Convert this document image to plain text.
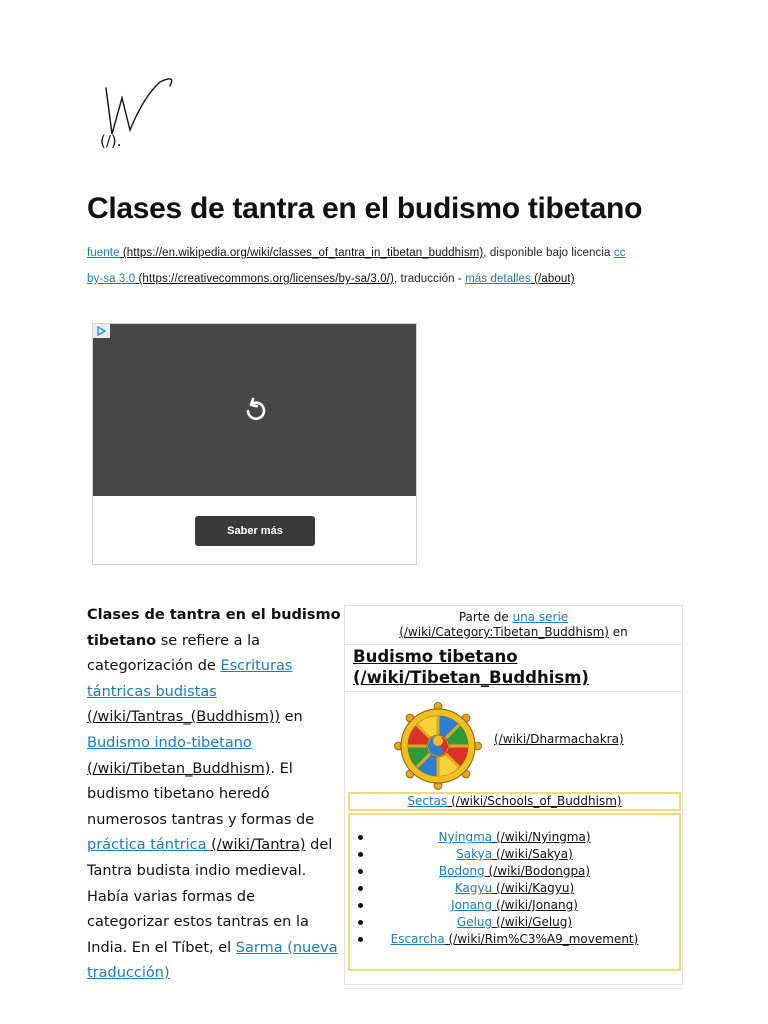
(/).
Clases de tantra en el budismo tibetano
fuente (https://en.wikipedia.org/wiki/classes_of_tantra_in_tibetan_buddhism), disponible bajo licencia cc
by-sa 3.0 (https://creativecommons.org/licenses/by-sa/3.0/), traducción - más detalles (/about)
Saber más
Clases de tantra en el budismo
tibetano se refiere a la
categorización de Escrituras
tántricas budistas
(/wiki/Tantras_(Buddhism)) en
Budismo indo-tibetano
(/wiki/Tibetan_Buddhism). El
budismo tibetano heredó
numerosos tantras y formas de
práctica tántrica (/wiki/Tantra) del
Tantra budista indio medieval.
Había varias formas de
categorizar estos tantras en la
India. En el Tíbet, el Sarma (nueva
traducción)
Parte de una serie
(/wiki/Category:Tibetan_Buddhism) en
Budismo tibetano
(/wiki/Tibetan_Buddhism)
(/wiki/Dharmachakra)
Sectas (/wiki/Schools_of_Buddhism)
Nyingma (/wiki/Nyingma)
Sakya (/wiki/Sakya)
Bodong (/wiki/Bodongpa)
Kagyu (/wiki/Kagyu)
Jonang (/wiki/Jonang)
Gelug (/wiki/Gelug)
Escarcha (/wiki/Rim%C3%A9_movement)
